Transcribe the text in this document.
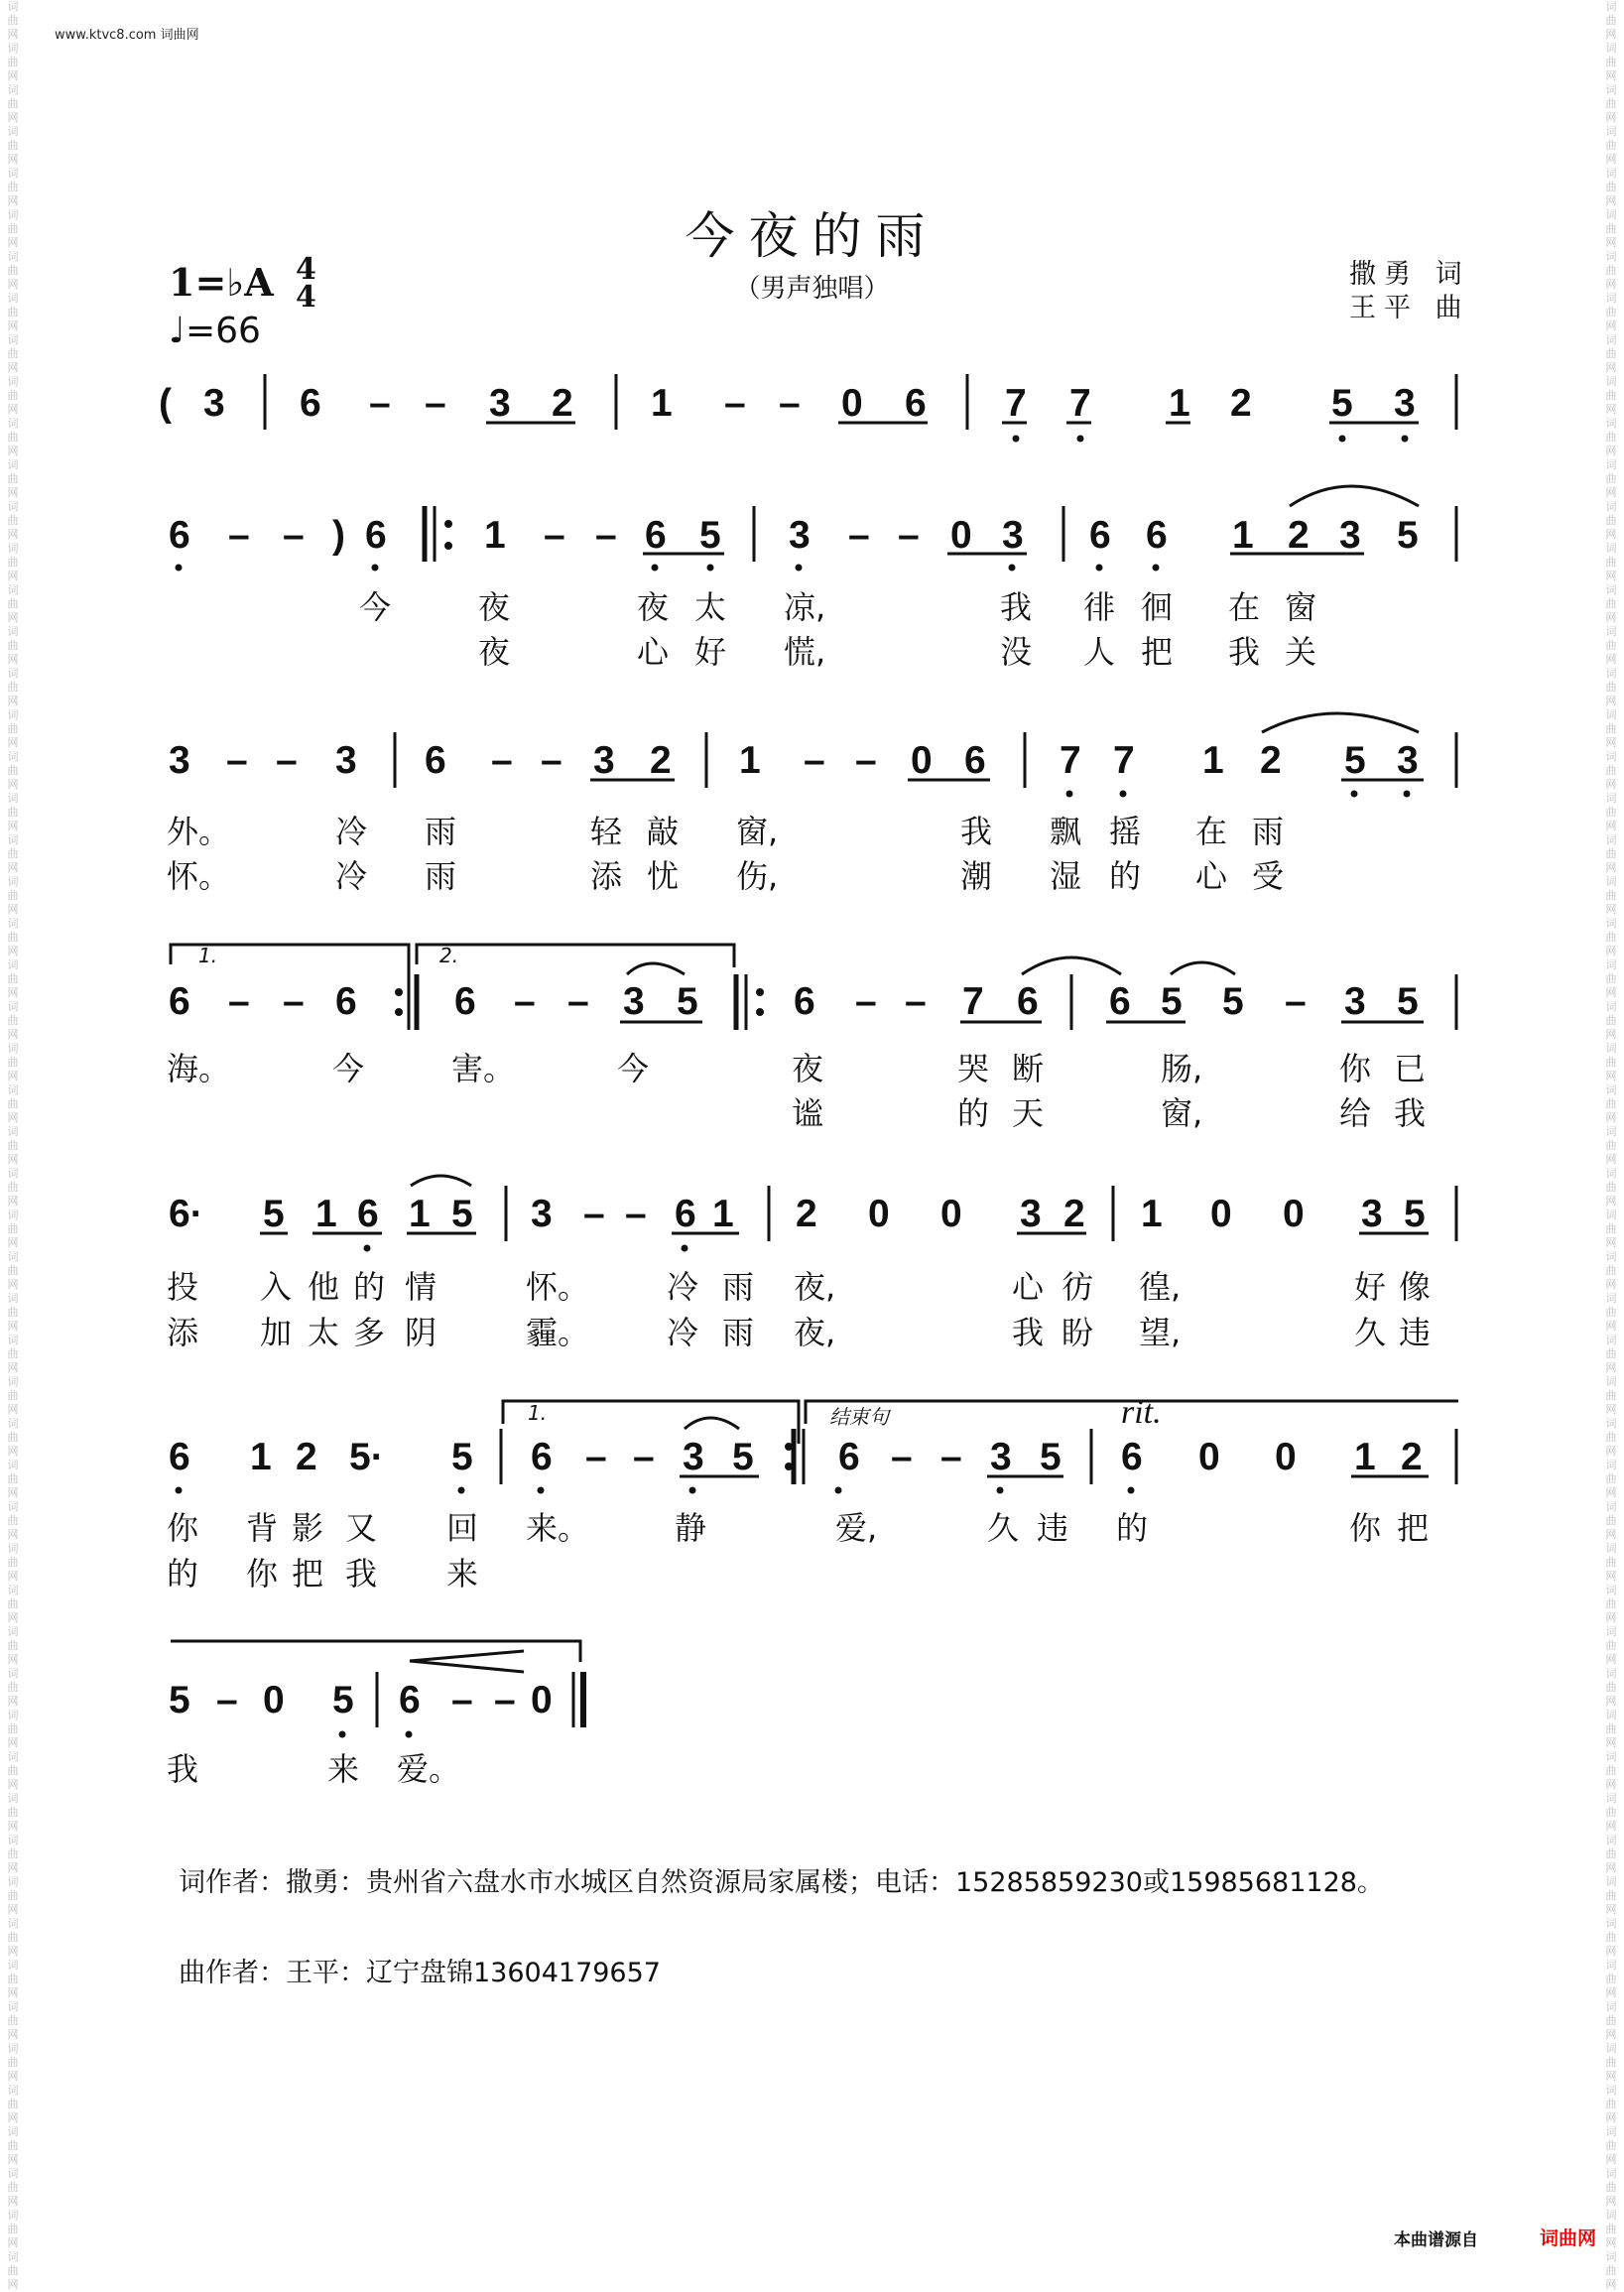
词
曲
网
词
曲
网
词
曲
网
词
曲
网
词
曲
网
词
曲
网
词
曲
网
词
曲
网
词
曲
网
词
曲
网
词
曲
网
词
曲
网
词
曲
网
词
曲
网
词
曲
网
词
曲
网
词
曲
网
词
曲
网
词
曲
网
词
曲
网
词
曲
网
词
曲
网
词
曲
网
词
曲
网
词
曲
网
词
曲
网
词
曲
网
词
曲
网
词
曲
网
词
曲
网
词
曲
网
词
曲
网
词
曲
网
词
曲
网
词
曲
网
词
曲
网
词
曲
网
词
曲
网
词
曲
网
词
曲
网
词
曲
网
词
曲
网
词
曲
网
词
曲
网
词
曲
网
词
曲
网
词
曲
网
词
曲
网
词
曲
网
词
曲
网
词
曲
网
词
曲
网
词
曲
网
词
曲
网
词
曲
网
词
曲
网
词
曲
网
词
曲
网
词
曲
网
词
曲
网
词
曲
网
词
曲
网
词
曲
网
词
曲
网
词
曲
网
词
曲
网
词
曲
网
词
曲
网
词
曲
网
词
曲
网
词
曲
网
词
曲
网
词
曲
网
词
曲
网
词
曲
网
词
曲
网
词
曲
网
词
曲
网
词
曲
网
词
曲
网
词
曲
网
词
曲
网
词
曲
网
词
曲
网
词
曲
网
词
曲
网
词
曲
网
词
曲
网
词
曲
网
词
曲
网
词
曲
网
词
曲
网
词
曲
网
词
曲
网
词
曲
网
词
曲
网
词
曲
网
词
曲
网
词
曲
网
词
曲
网
词
曲
网
词
曲
网
词
曲
网
词
曲
网
词
曲
网
词
曲
网
词
曲
网
词
曲
网
词
曲
网
词
曲
网
www.ktvc8.com 词曲网
今夜的雨
（男声独唱）	撒勇 词
王平 曲
1=♭A 4
4
♩=66
( 3 6 – – 3 2 1 – – 0 6 7 7 1 2 5 3
6 – – ) 6	1 – – 6 5 3 – – 0 3 6 6 1 2 3 5
今	夜	夜 太 凉,	我 徘 徊 在 窗
夜	心 好 慌,	没 人 把 我 关
3 – – 3 6 – – 3 2 1 – – 0 6 7 7 1 2 5 3
外。	冷 雨	轻 敲 窗,	我 飘 摇 在 雨
怀。	冷 雨	添 忧 伤,	潮 湿 的 心 受
1.	2.
6 – – 6	6 – – 3 5 6 – – 7 6 6 5 5 – 3 5
海。	今	害。	今	夜	哭 断	肠,	你 已
谧	的 天	窗,	给 我
6· 5 1 6 1 5 3 – – 6 1 2 0 0 3 2 1 0 0 3 5
投 入 他 的 情	怀。 冷 雨 夜,	心 彷 徨,	好 像
添 加 太 多 阴	霾。 冷 雨 夜,	我 盼 望,	久 违
1.	结束句	rit.
6 1 2 5· 5 6 – – 3 5 6 – – 3 5 6 0 0 1 2
你 背 影 又 回 来。	静	爱,	久 违 的	你 把
的 你 把 我 来
5 – 0 5 6 – – 0
我	来 爱。
词作者：撒勇：贵州省六盘水市水城区自然资源局家属楼；电话：15285859230或15985681128。
曲作者：王平：辽宁盘锦13604179657
本曲谱源自	词曲网
